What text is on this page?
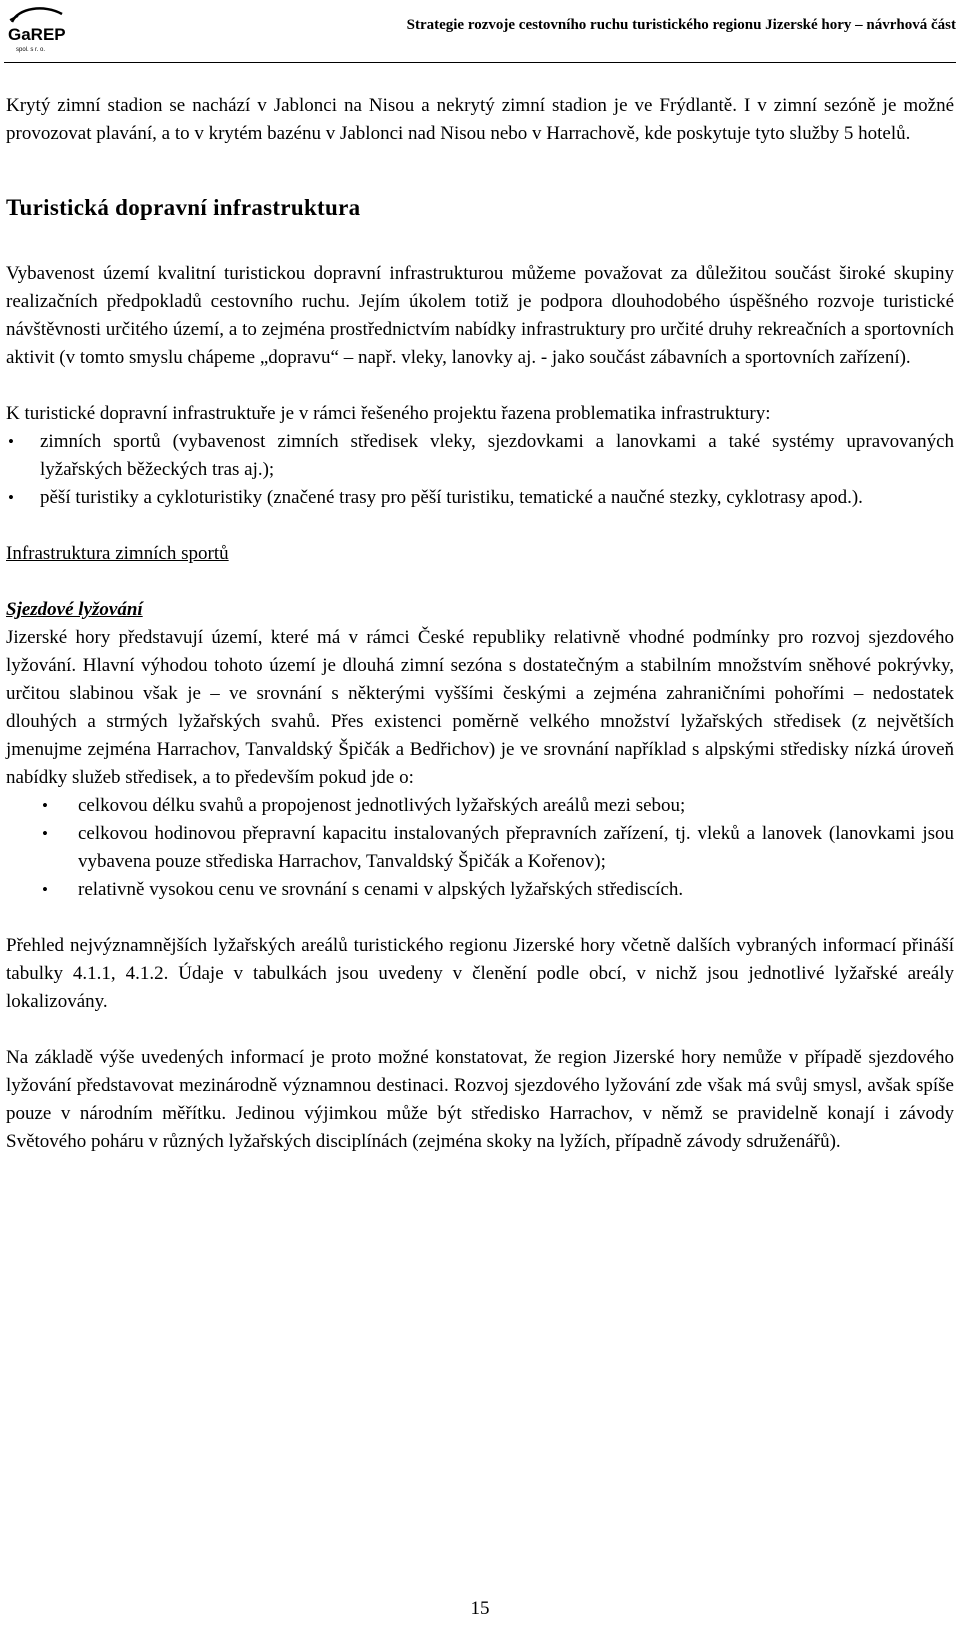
GaREP
spol. s r. o.
Strategie rozvoje cestovního ruchu turistického regionu Jizerské hory – návrhová část

Krytý zimní stadion se nachází v Jablonci na Nisou a nekrytý zimní stadion je ve Frýdlantě. I v zimní sezóně je možné provozovat plavání, a to v krytém bazénu v Jablonci nad Nisou nebo v Harrachově, kde poskytuje tyto služby 5 hotelů.

Turistická dopravní infrastruktura

Vybavenost území kvalitní turistickou dopravní infrastrukturou můžeme považovat za důležitou součást široké skupiny realizačních předpokladů cestovního ruchu. Jejím úkolem totiž je podpora dlouhodobého úspěšného rozvoje turistické návštěvnosti určitého území, a to zejména prostřednictvím nabídky infrastruktury pro určité druhy rekreačních a sportovních aktivit (v tomto smyslu chápeme „dopravu“ – např. vleky, lanovky aj. - jako součást zábavních a sportovních zařízení).

K turistické dopravní infrastruktuře je v rámci řešeného projektu řazena problematika infrastruktury:

• zimních sportů (vybavenost zimních středisek vleky, sjezdovkami a lanovkami a také systémy upravovaných lyžařských běžeckých tras aj.);
• pěší turistiky a cykloturistiky (značené trasy pro pěší turistiku, tematické a naučné stezky, cyklotrasy apod.).

Infrastruktura zimních sportů

Sjezdové lyžování

Jizerské hory představují území, které má v rámci České republiky relativně vhodné podmínky pro rozvoj sjezdového lyžování. Hlavní výhodou tohoto území je dlouhá zimní sezóna s dostatečným a stabilním množstvím sněhové pokrývky, určitou slabinou však je – ve srovnání s některými vyššími českými a zejména zahraničními pohořími – nedostatek dlouhých a strmých lyžařských svahů. Přes existenci poměrně velkého množství lyžařských středisek (z největších jmenujme zejména Harrachov, Tanvaldský Špičák a Bedřichov) je ve srovnání například s alpskými středisky nízká úroveň nabídky služeb středisek, a to především pokud jde o:

• celkovou délku svahů a propojenost jednotlivých lyžařských areálů mezi sebou;
• celkovou hodinovou přepravní kapacitu instalovaných přepravních zařízení, tj. vleků a lanovek (lanovkami jsou vybavena pouze střediska Harrachov, Tanvaldský Špičák a Kořenov);
• relativně vysokou cenu ve srovnání s cenami v alpských lyžařských střediscích.

Přehled nejvýznamnějších lyžařských areálů turistického regionu Jizerské hory včetně dalších vybraných informací přináší tabulky 4.1.1, 4.1.2. Údaje v tabulkách jsou uvedeny v členění podle obcí, v nichž jsou jednotlivé lyžařské areály lokalizovány.

Na základě výše uvedených informací je proto možné konstatovat, že region Jizerské hory nemůže v případě sjezdového lyžování představovat mezinárodně významnou destinaci. Rozvoj sjezdového lyžování zde však má svůj smysl, avšak spíše pouze v národním měřítku. Jedinou výjimkou může být středisko Harrachov, v němž se pravidelně konají i závody Světového poháru v různých lyžařských disciplínách (zejména skoky na lyžích, případně závody sdruženářů).

15
